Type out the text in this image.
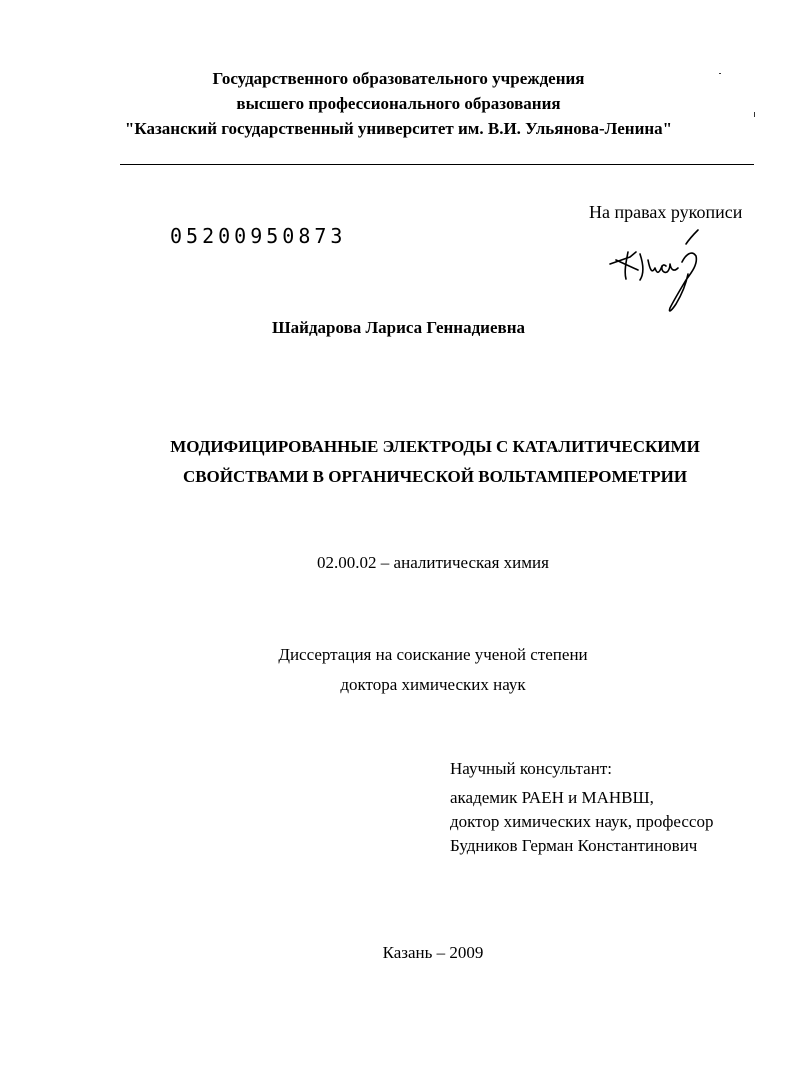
Государственного образовательного учреждения
высшего профессионального образования
"Казанский государственный университет им. В.И. Ульянова-Ленина"
05200950873
На правах рукописи
Шайдарова Лариса Геннадиевна
МОДИФИЦИРОВАННЫЕ ЭЛЕКТРОДЫ С КАТАЛИТИЧЕСКИМИ
СВОЙСТВАМИ В ОРГАНИЧЕСКОЙ ВОЛЬТАМПЕРОМЕТРИИ
02.00.02 – аналитическая химия
Диссертация на соискание ученой степени
доктора химических наук
Научный консультант:
академик РАЕН и МАНВШ,
доктор химических наук, профессор
Будников Герман Константинович
Казань – 2009
